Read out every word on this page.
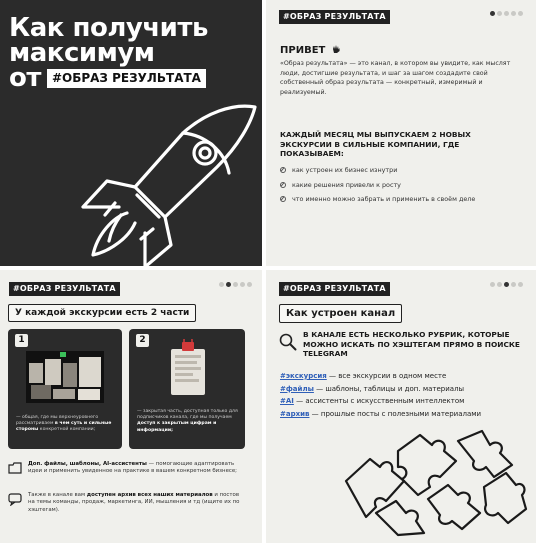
Как получить
максимум
от #ОБРАЗ РЕЗУЛЬТАТА
#ОБРАЗ РЕЗУЛЬТАТА
ПРИВЕТ
«Образ результата» — это канал, в котором вы увидите, как мыслят люди, достигшие результата, и шаг за шагом создадите свой собственный образ результата — конкретный, измеримый и реализуемый.
КАЖДЫЙ МЕСЯЦ МЫ ВЫПУСКАЕМ 2 НОВЫХ ЭКСКУРСИИ В СИЛЬНЫЕ КОМПАНИИ, ГДЕ ПОКАЗЫВАЕМ:
как устроен их бизнес изнутри
какие решения привели к росту
что именно можно забрать и применить в своём деле
#ОБРАЗ РЕЗУЛЬТАТА
У каждой экскурсии есть 2 части
1
— общая, где мы верхнеуровнего рассматриваем в чем суть и сильные стороны конкретной компании;
2
— закрытая часть, доступная только для подписчиков канала, где мы получаем доступ к закрытым цифрам и информации;
Доп. файлы, шаблоны, AI-ассистенты — помогающие адаптировать идеи и применить увиденное на практике в вашем конкретном бизнесе;
Также в канале вам доступен архив всех наших материалов и постов на темы команды, продаж, маркетинга, ИИ, мышления и тд (ищите их по хэштегам).
#ОБРАЗ РЕЗУЛЬТАТА
Как устроен канал
В КАНАЛЕ ЕСТЬ НЕСКОЛЬКО РУБРИК, КОТОРЫЕ МОЖНО ИСКАТЬ ПО ХЭШТЕГАМ ПРЯМО В ПОИСКЕ TELEGRAM
#экскурсия — все экскурсии в одном месте
#файлы — шаблоны, таблицы и доп. материалы
#AI — ассистенты с искусственным интеллектом
#архив — прошлые посты с полезными материалами
